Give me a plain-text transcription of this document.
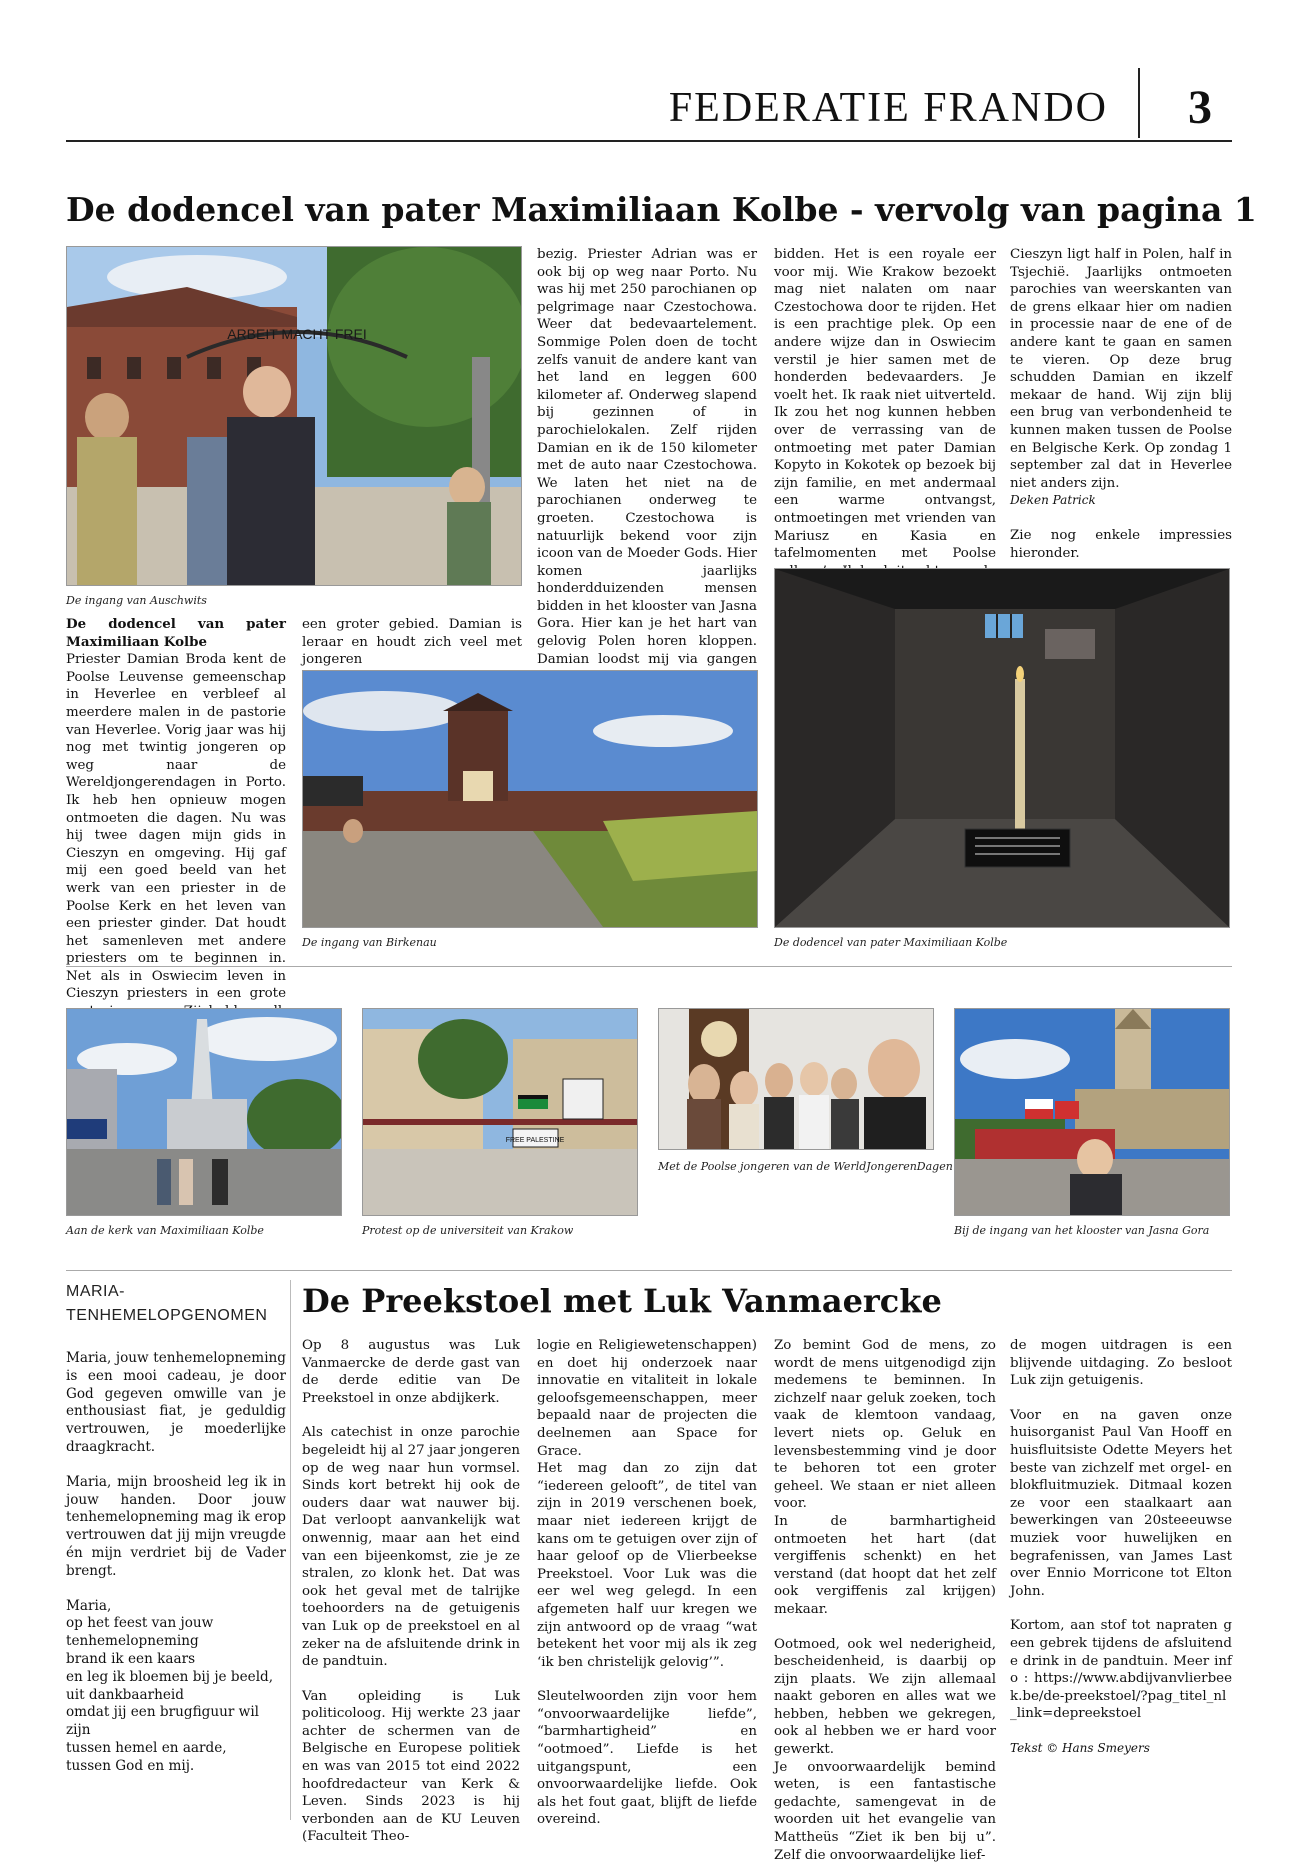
FEDERATIE FRANDO 3
De dodencel van pater Maximiliaan Kolbe - vervolg van pagina 1
ARBEIT MACHT FREI
De ingang van Auschwits

De dodencel van pater Maximiliaan Kolbe

Priester Damian Broda kent de Poolse Leuvense gemeenschap in Heverlee en verbleef al meerdere malen in de pastorie van Heverlee. Vorig jaar was hij nog met twintig jongeren op weg naar de Wereldjongerendagen in Porto. Ik heb hen opnieuw mogen ontmoeten die dagen. Nu was hij twee dagen mijn gids in Cieszyn en omgeving. Hij gaf mij een goed beeld van het werk van een priester in de Poolse Kerk en het leven van een priester ginder. Dat houdt het samenleven met andere priesters om te beginnen in. Net als in Oswiecim leven in Cieszyn priesters in een grote

een groter gebied. Damian is leraar en houdt zich veel met jongeren

bezig. Priester Adrian was er ook bij op weg naar Porto. Nu was hij met 250 parochianen op pelgrimage naar Czestochowa. Weer dat bedevaartelement. Sommige Polen doen de tocht zelfs vanuit de andere kant van het land en leggen 600 kilometer af. Onderweg slapend bij gezinnen of in parochielokalen. Zelf rijden Damian en ik de 150 kilometer met de auto naar Czestochowa. We laten het niet na de parochianen onderweg te groeten. Czestochowa is natuurlijk bekend voor zijn icoon van de Moeder Gods. Hier komen jaarlijks honderdduizenden mensen bidden in het klooster van Jasna Gora. Hier kan je het hart van gelovig Polen horen kloppen. Damian loodst mij via gangen

bidden. Het is een royale eer voor mij. Wie Krakow bezoekt mag niet nalaten om naar Czestochowa door te rijden. Het is een prachtige plek. Op een andere wijze dan in Oswiecim verstil je hier samen met de honderden bedevaarders. Je voelt het. Ik raak niet uitverteld. Ik zou het nog kunnen hebben over de verrassing van de ontmoeting met pater Damian Kopyto in Kokotek op bezoek bij zijn familie, en met andermaal een warme ontvangst, ontmoetingen met vrienden van Mariusz en Kasia en tafelmomenten met Poolse

Cieszyn ligt half in Polen, half in Tsjechië. Jaarlijks ontmoeten parochies van weerskanten van de grens elkaar hier om nadien in processie naar de ene of de andere kant te gaan en samen te vieren. Op deze brug schudden Damian en ikzelf mekaar de hand. Wij zijn blij een brug van verbondenheid te kunnen maken tussen de Poolse en Belgische Kerk. Op zondag 1 september zal dat in Heverlee niet anders zijn.

Deken Patrick

Zie nog enkele impressies hieronder.

De ingang van Birkenau	De dodencel van pater Maximiliaan Kolbe
FREE PALESTINE
Aan de kerk van Maximiliaan Kolbe	Protest op de universiteit van Krakow
Met de Poolse jongeren van de WerldJongerenDagen
Bij de ingang van het klooster van Jasna Gora
MARIA-
TENHEMELOPGENOMEN
Maria, jouw tenhemelopneming is een mooi cadeau, je door God gegeven omwille van je enthousiast fiat, je geduldig vertrouwen, je moederlijke draagkracht.
Maria, mijn broosheid leg ik in jouw handen. Door jouw tenhemelopneming mag ik erop vertrouwen dat jij mijn vreugde én mijn verdriet bij de Vader brengt.
Maria,
op het feest van jouw tenhemelopneming
brand ik een kaars
en leg ik bloemen bij je beeld,
uit dankbaarheid
omdat jij een brugfiguur wil zijn
tussen hemel en aarde,
tussen God en mij.
De Preekstoel met Luk Vanmaercke

Op 8 augustus was Luk Vanmaercke de derde gast van de derde editie van De Preekstoel in onze abdijkerk.

Als catechist in onze parochie begeleidt hij al 27 jaar jongeren op de weg naar hun vormsel. Sinds kort betrekt hij ook de ouders daar wat nauwer bij. Dat verloopt aanvankelijk wat onwennig, maar aan het eind van een bijeenkomst, zie je ze stralen, zo klonk het. Dat was ook het geval met de talrijke toehoorders na de getuigenis van Luk op de preekstoel en al zeker na de afsluitende drink in de pandtuin.

Van opleiding is Luk politicoloog. Hij werkte 23 jaar achter de schermen van de Belgische en Europese politiek en was van 2015 tot eind 2022 hoofdredacteur van Kerk & Leven. Sinds 2023 is hij verbonden aan de KU Leuven (Faculteit Theo-

logie en Religiewetenschappen) en doet hij onderzoek naar innovatie en vitaliteit in lokale geloofsgemeenschappen, meer bepaald naar de projecten die deelnemen aan Space for Grace.

Het mag dan zo zijn dat “iedereen gelooft”, de titel van zijn in 2019 verschenen boek, maar niet iedereen krijgt de kans om te getuigen over zijn of haar geloof op de Vlierbeekse Preekstoel. Voor Luk was die eer wel weg gelegd. In een afgemeten half uur kregen we zijn antwoord op de vraag “wat betekent het voor mij als ik zeg ‘ik ben christelijk gelovig’”.

Sleutelwoorden zijn voor hem “onvoorwaardelijke liefde”, “barmhartigheid” en “ootmoed”. Liefde is het uitgangspunt, een onvoorwaardelijke liefde. Ook als het fout gaat, blijft de liefde overeind.

Zo bemint God de mens, zo wordt de mens uitgenodigd zijn medemens te beminnen. In zichzelf naar geluk zoeken, toch vaak de klemtoon vandaag, levert niets op. Geluk en levensbestemming vind je door te behoren tot een groter geheel. We staan er niet alleen voor.

In de barmhartigheid ontmoeten het hart (dat vergiffenis schenkt) en het verstand (dat hoopt dat het zelf ook vergiffenis zal krijgen) mekaar.

Ootmoed, ook wel nederigheid, bescheidenheid, is daarbij op zijn plaats. We zijn allemaal naakt geboren en alles wat we hebben, hebben we gekregen, ook al hebben we er hard voor gewerkt.

Je onvoorwaardelijk bemind weten, is een fantastische gedachte, samengevat in de woorden uit het evangelie van Mattheüs “Ziet ik ben bij u”. Zelf die onvoorwaardelijke lief-

de mogen uitdragen is een blijvende uitdaging. Zo besloot Luk zijn getuigenis.

Voor en na gaven onze huisorganist Paul Van Hooff en huisfluitsiste Odette Meyers het beste van zichzelf met orgel- en blokfluitmuziek. Ditmaal kozen ze voor een staalkaart aan bewerkingen van 20steeeuwse muziek voor huwelijken en begrafenissen, van James Last over Ennio Morricone tot Elton John.

Kortom, aan stof tot napraten geen gebrek tijdens de afsluitende drink in de pandtuin. Meer info : https://www.abdijvanvlierbeek.be/de-preekstoel/?pag_titel_nl_link=depreekstoel

Tekst © Hans Smeyers
